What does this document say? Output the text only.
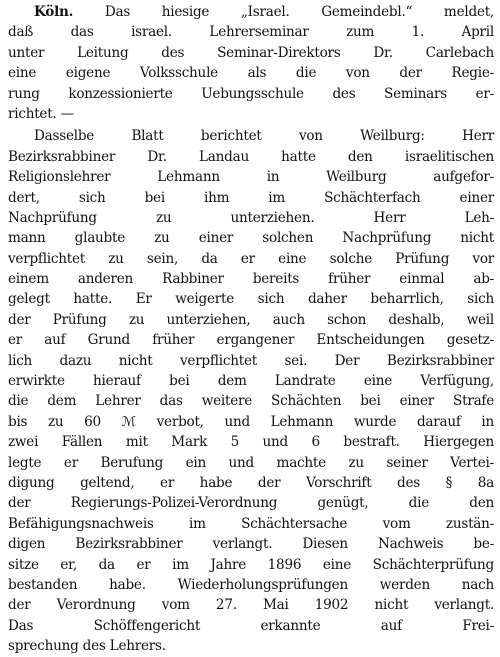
Köln. Das hiesige „Israel. Gemeindebl.“ meldet,
daß das israel. Lehrerseminar zum 1. April
unter Leitung des Seminar-Direktors Dr. Carlebach
eine eigene Volksschule als die von der Regie-
rung konzessionierte Uebungsschule des Seminars er-
richtet. —
Dasselbe Blatt berichtet von Weilburg: Herr
Bezirksrabbiner Dr. Landau hatte den israelitischen
Religionslehrer Lehmann in Weilburg aufgefor-
dert, sich bei ihm im Schächterfach einer
Nachprüfung zu unterziehen. Herr Leh-
mann glaubte zu einer solchen Nachprüfung nicht
verpflichtet zu sein, da er eine solche Prüfung vor
einem anderen Rabbiner bereits früher einmal ab-
gelegt hatte. Er weigerte sich daher beharrlich, sich
der Prüfung zu unterziehen, auch schon deshalb, weil
er auf Grund früher ergangener Entscheidungen gesetz-
lich dazu nicht verpflichtet sei. Der Bezirksrabbiner
erwirkte hierauf bei dem Landrate eine Verfügung,
die dem Lehrer das weitere Schächten bei einer Strafe
bis zu 60 ℳ verbot, und Lehmann wurde darauf in
zwei Fällen mit Mark 5 und 6 bestraft. Hiergegen
legte er Berufung ein und machte zu seiner Vertei-
digung geltend, er habe der Vorschrift des § 8a
der Regierungs-Polizei-Verordnung genügt, die den
Befähigungsnachweis im Schächtersache vom zustän-
digen Bezirksrabbiner verlangt. Diesen Nachweis be-
sitze er, da er im Jahre 1896 eine Schächterprüfung
bestanden habe. Wiederholungsprüfungen werden nach
der Verordnung vom 27. Mai 1902 nicht verlangt.
Das Schöffengericht erkannte auf Frei-
sprechung des Lehrers.
